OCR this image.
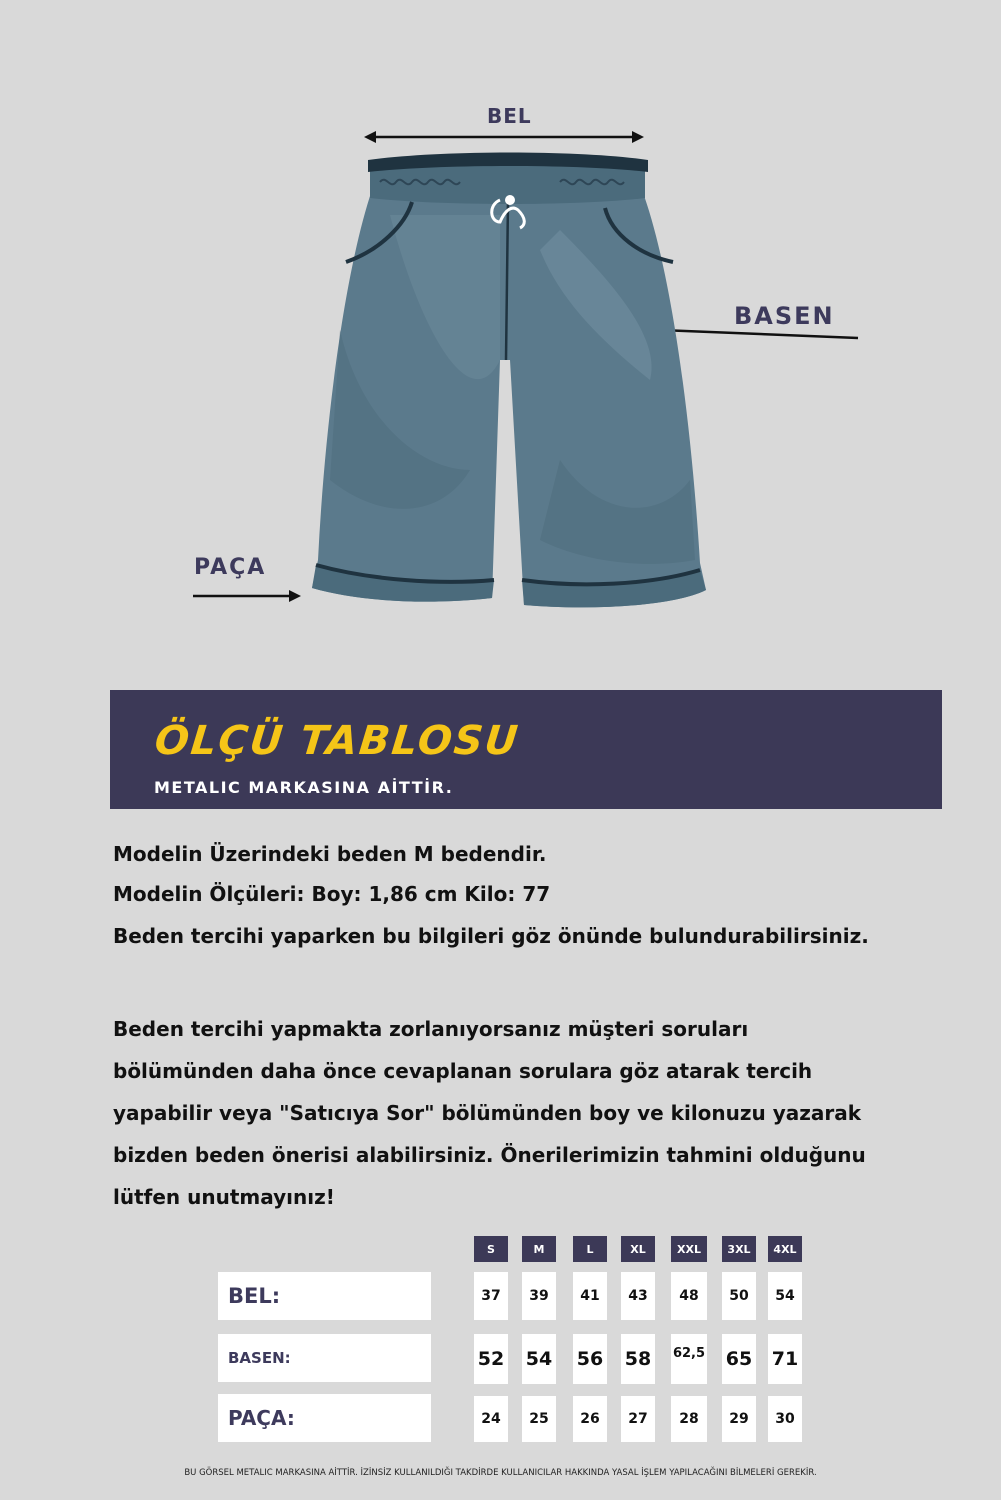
BEL
BASEN
PAÇA
ÖLÇÜ TABLOSU
METALIC MARKASINA AİTTİR.
Modelin Üzerindeki beden M bedendir.
Modelin Ölçüleri: Boy: 1,86 cm Kilo: 77
Beden tercihi yaparken bu bilgileri göz önünde bulundurabilirsiniz.

Beden tercihi yapmakta zorlanıyorsanız müşteri soruları

bölümünden daha önce cevaplanan sorulara göz atarak tercih

yapabilir veya "Satıcıya Sor" bölümünden boy ve kilonuzu yazarak

bizden beden önerisi alabilirsiniz. Önerilerimizin tahmini olduğunu

lütfen unutmayınız!

S	M	L	XL	XXL	3XL	4XL
BEL:	37	39	41	43	48	50	54
BASEN:	52 54 56 58 62,5 65 71
PAÇA:	24	25	26	27	28	29	30
BU GÖRSEL METALIC MARKASINA AİTTİR. İZİNSİZ KULLANILDIĞI TAKDİRDE KULLANICILAR HAKKINDA YASAL İŞLEM YAPILACAĞINI BİLMELERİ GEREKİR.
